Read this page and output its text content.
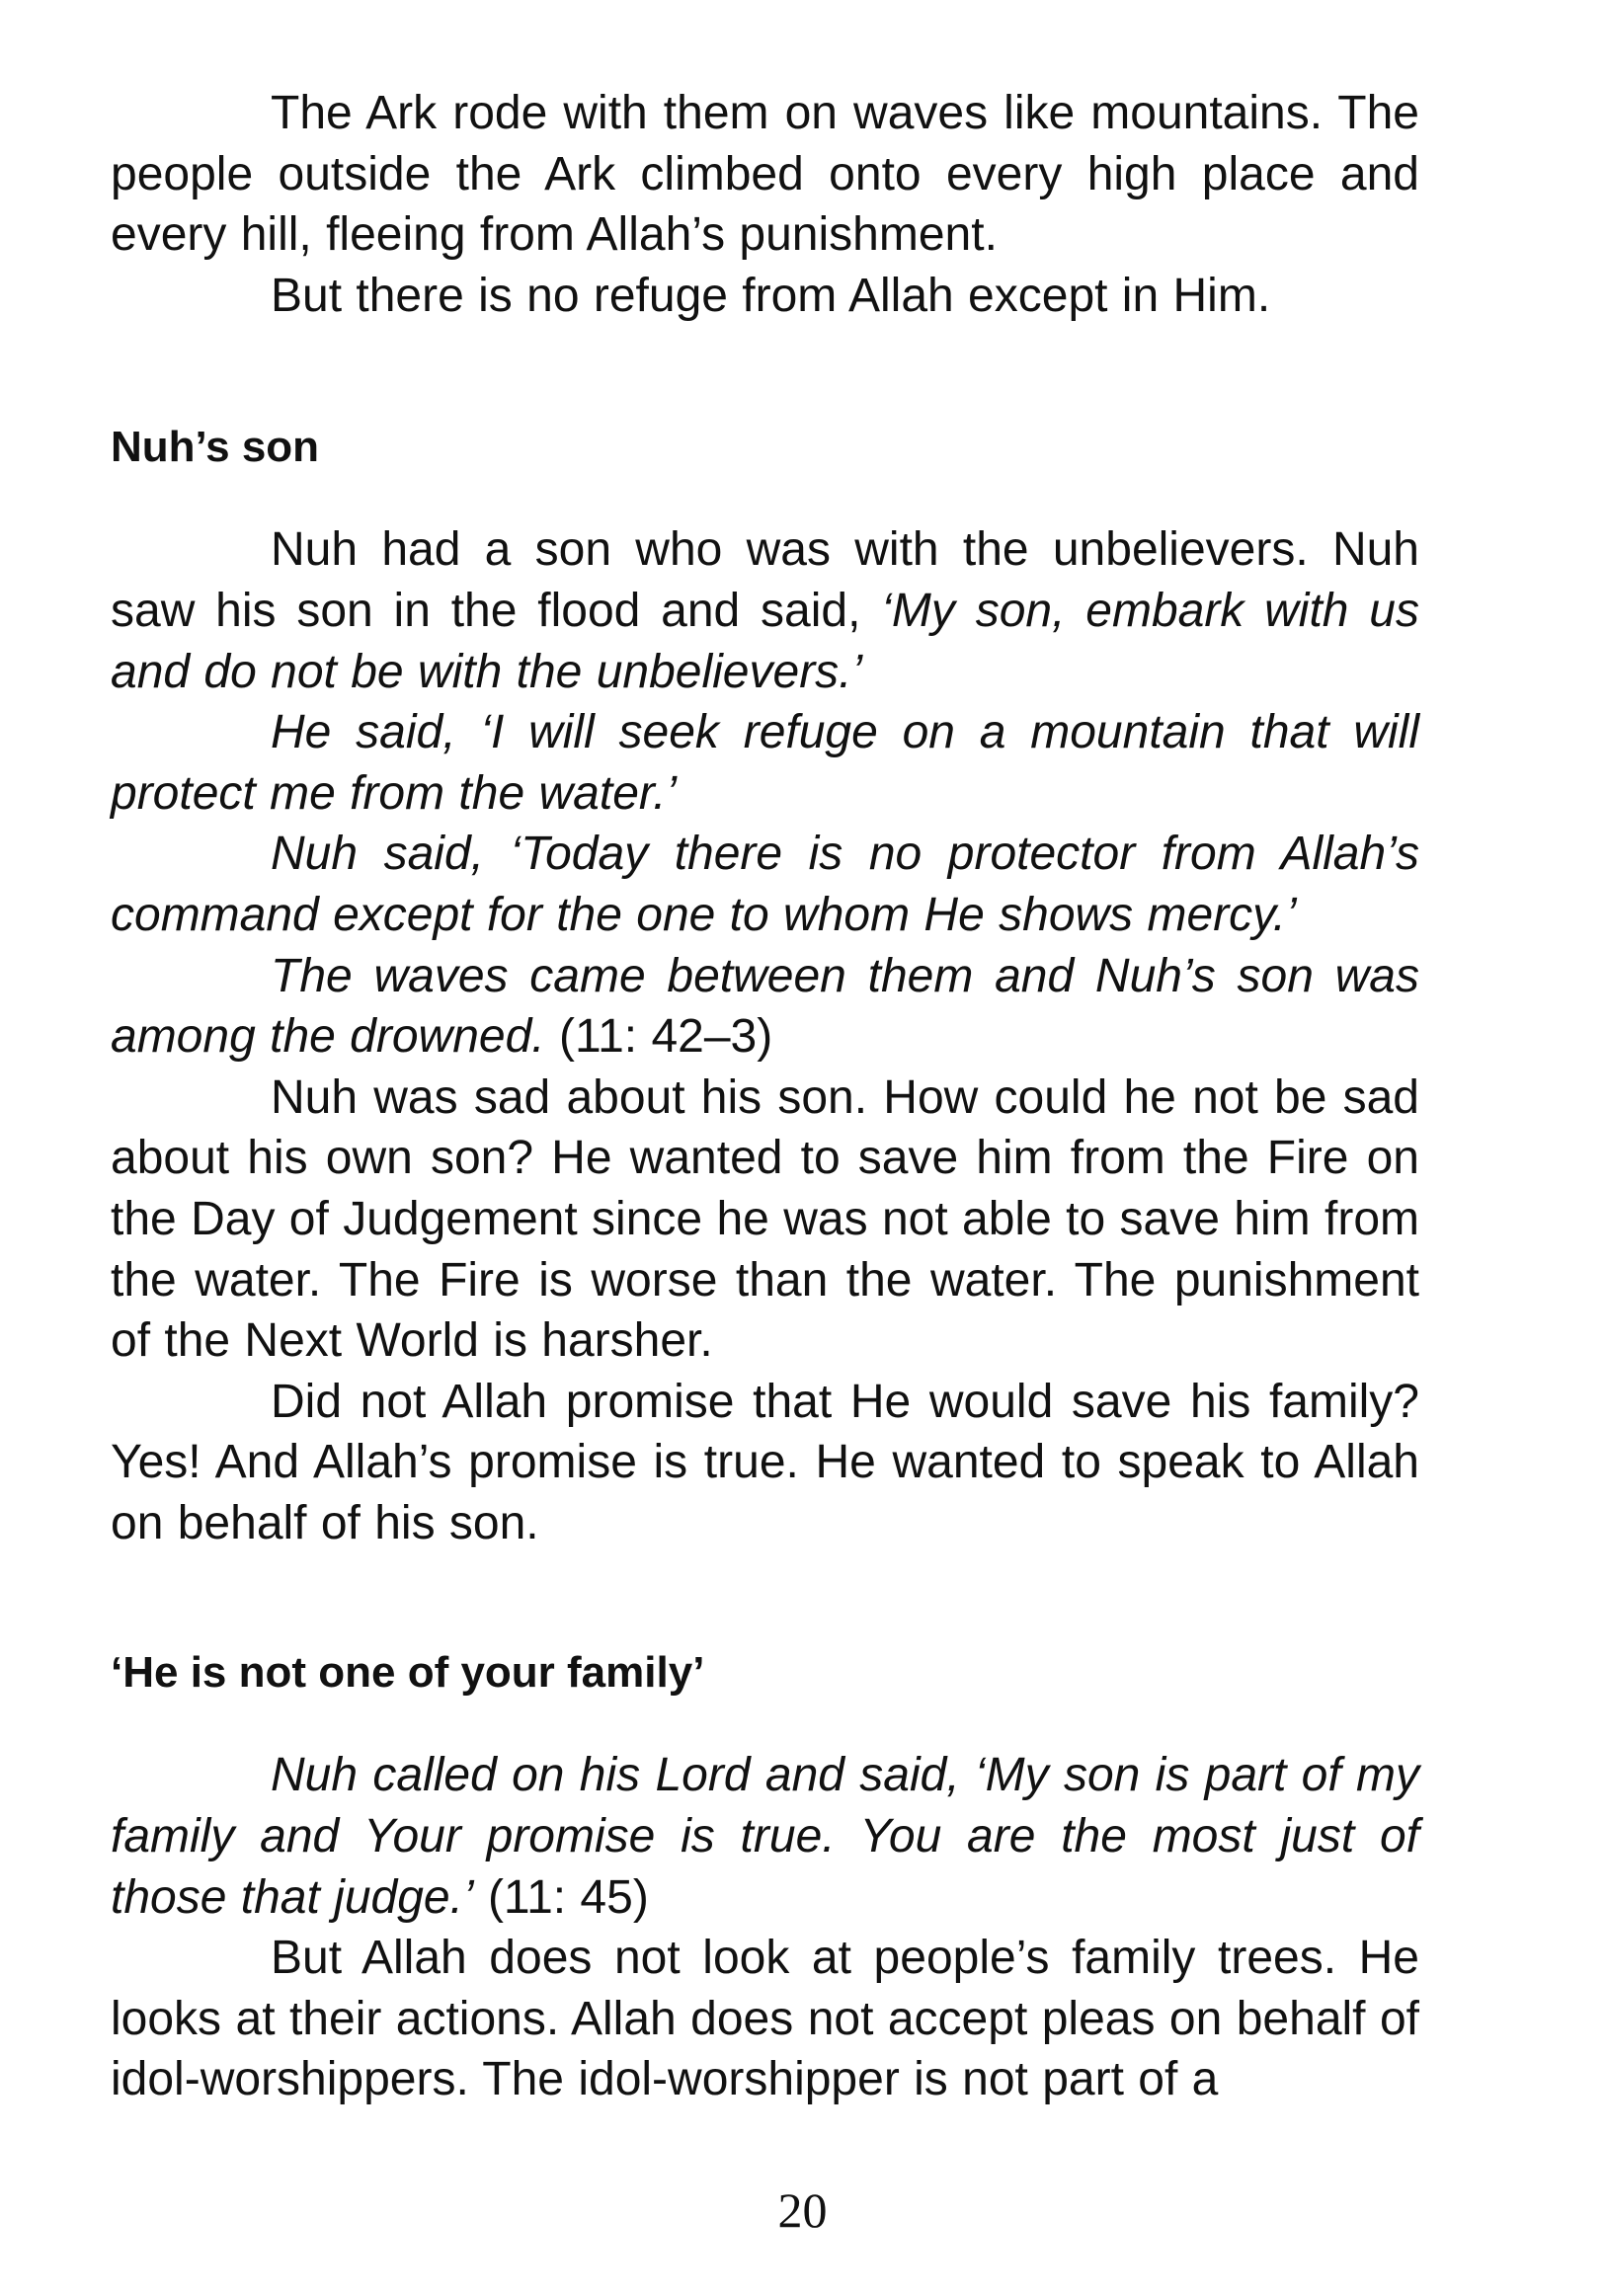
The Ark rode with them on waves like mountains. The people outside the Ark climbed onto every high place and every hill, fleeing from Allah’s punishment.

But there is no refuge from Allah except in Him.

Nuh’s son

Nuh had a son who was with the unbelievers. Nuh saw his son in the flood and said, ‘My son, embark with us and do not be with the unbelievers.’

He said, ‘I will seek refuge on a mountain that will protect me from the water.’

Nuh said, ‘Today there is no protector from Allah’s command except for the one to whom He shows mercy.’

The waves came between them and Nuh’s son was among the drowned. (11: 42–3)

Nuh was sad about his son. How could he not be sad about his own son? He wanted to save him from the Fire on the Day of Judgement since he was not able to save him from the water. The Fire is worse than the water. The punishment of the Next World is harsher.

Did not Allah promise that He would save his family? Yes! And Allah’s promise is true. He wanted to speak to Allah on behalf of his son.

‘He is not one of your family’

Nuh called on his Lord and said, ‘My son is part of my family and Your promise is true. You are the most just of those that judge.’ (11: 45)

But Allah does not look at people’s family trees. He looks at their actions. Allah does not accept pleas on behalf of idol-worshippers. The idol-worshipper is not part of a

20
